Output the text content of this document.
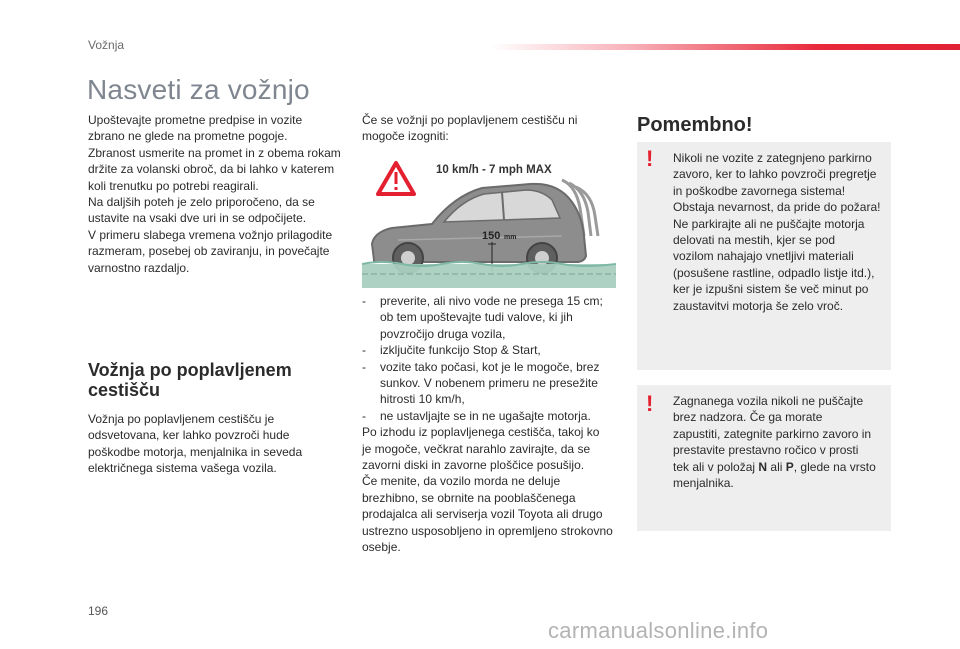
Vožnja
Nasveti za vožnjo
Upoštevajte prometne predpise in vozite
zbrano ne glede na prometne pogoje.
Zbranost usmerite na promet in z obema rokam
držite za volanski obroč, da bi lahko v katerem
koli trenutku po potrebi reagirali.
Na daljših poteh je zelo priporočeno, da se
ustavite na vsaki dve uri in se odpočijete.
V primeru slabega vremena vožnjo prilagodite
razmeram, posebej ob zaviranju, in povečajte
varnostno razdaljo.
Vožnja po poplavljenem
cestišču
Vožnja po poplavljenem cestišču je
odsvetovana, ker lahko povzroči hude
poškodbe motorja, menjalnika in seveda
električnega sistema vašega vozila.
Če se vožnji po poplavljenem cestišču ni
mogoče izogniti:
10 km/h - 7 mph MAX
150 mm
- preverite, ali nivo vode ne presega 15 cm;
ob tem upoštevajte tudi valove, ki jih
povzročijo druga vozila,
- izključite funkcijo Stop & Start,
- vozite tako počasi, kot je le mogoče, brez
sunkov. V nobenem primeru ne presežite
hitrosti 10 km/h,
- ne ustavljajte se in ne ugašajte motorja.
Po izhodu iz poplavljenega cestišča, takoj ko
je mogoče, večkrat narahlo zavirajte, da se
zavorni diski in zavorne ploščice posušijo.
Če menite, da vozilo morda ne deluje
brezhibno, se obrnite na pooblaščenega
prodajalca ali serviserja vozil Toyota ali drugo
ustrezno usposobljeno in opremljeno strokovno
osebje.
Pomembno!
! Nikoli ne vozite z zategnjeno parkirno
zavoro, ker to lahko povzroči pregretje
in poškodbe zavornega sistema!
Obstaja nevarnost, da pride do požara!
Ne parkirajte ali ne puščajte motorja
delovati na mestih, kjer se pod
vozilom nahajajo vnetljivi materiali
(posušene rastline, odpadlo listje itd.),
ker je izpušni sistem še več minut po
zaustavitvi motorja še zelo vroč.
! Zagnanega vozila nikoli ne puščajte
brez nadzora. Če ga morate
zapustiti, zategnite parkirno zavoro in
prestavite prestavno ročico v prosti
tek ali v položaj N ali P, glede na vrsto
menjalnika.
196
carmanualsonline.info
